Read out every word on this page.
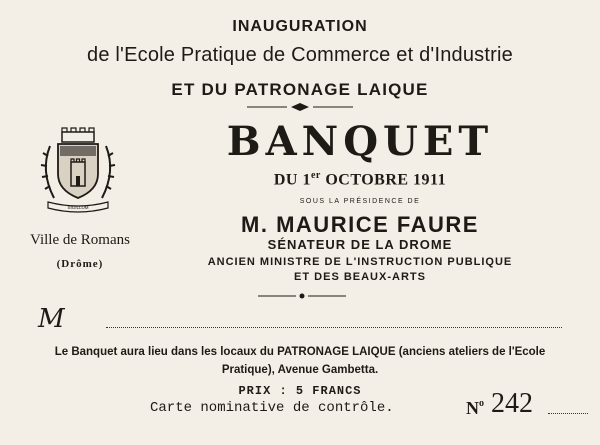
INAUGURATION
de l'Ecole Pratique de Commerce et d'Industrie
ET DU PATRONAGE LAIQUE
SIGILLUM
Ville de Romans
(Drôme)
BANQUET
DU 1er OCTOBRE 1911
SOUS LA PRÉSIDENCE DE
M. MAURICE FAURE
SÉNATEUR DE LA DROME
ANCIEN MINISTRE DE L'INSTRUCTION PUBLIQUE
ET DES BEAUX-ARTS
M
Le Banquet aura lieu dans les locaux du PATRONAGE LAIQUE (anciens ateliers de l'Ecole
Pratique), Avenue Gambetta.
PRIX : 5 FRANCS
Carte nominative de contrôle.	$N^o$ 242
